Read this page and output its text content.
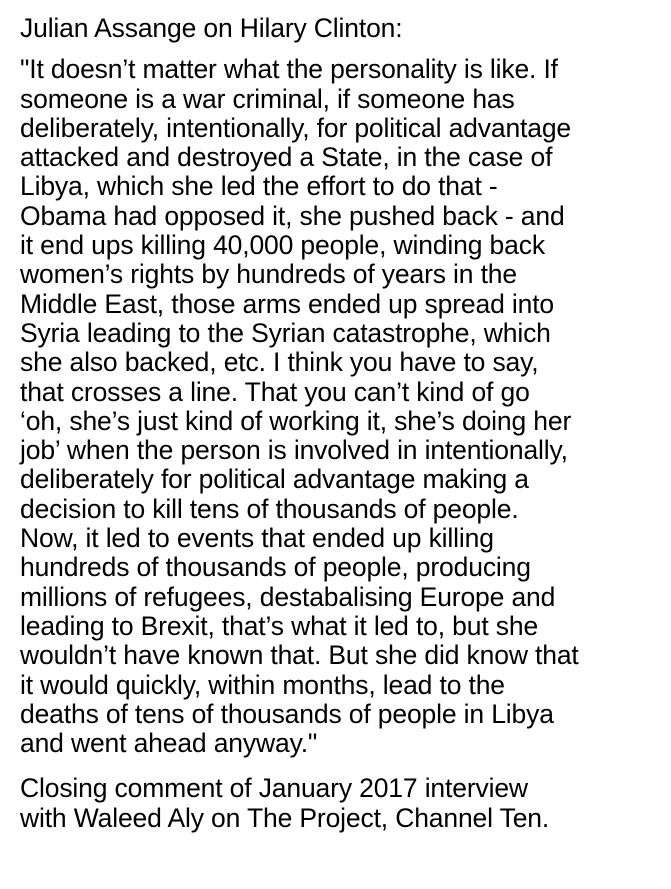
Julian Assange on Hilary Clinton:
"It doesn’t matter what the personality is like. If
someone is a war criminal, if someone has
deliberately, intentionally, for political advantage
attacked and destroyed a State, in the case of
Libya, which she led the effort to do that -
Obama had opposed it, she pushed back - and
it end ups killing 40,000 people, winding back
women’s rights by hundreds of years in the
Middle East, those arms ended up spread into
Syria leading to the Syrian catastrophe, which
she also backed, etc. I think you have to say,
that crosses a line. That you can’t kind of go
‘oh, she’s just kind of working it, she’s doing her
job’ when the person is involved in intentionally,
deliberately for political advantage making a
decision to kill tens of thousands of people.
Now, it led to events that ended up killing
hundreds of thousands of people, producing
millions of refugees, destabalising Europe and
leading to Brexit, that’s what it led to, but she
wouldn’t have known that. But she did know that
it would quickly, within months, lead to the
deaths of tens of thousands of people in Libya
and went ahead anyway."
Closing comment of January 2017 interview
with Waleed Aly on The Project, Channel Ten.
